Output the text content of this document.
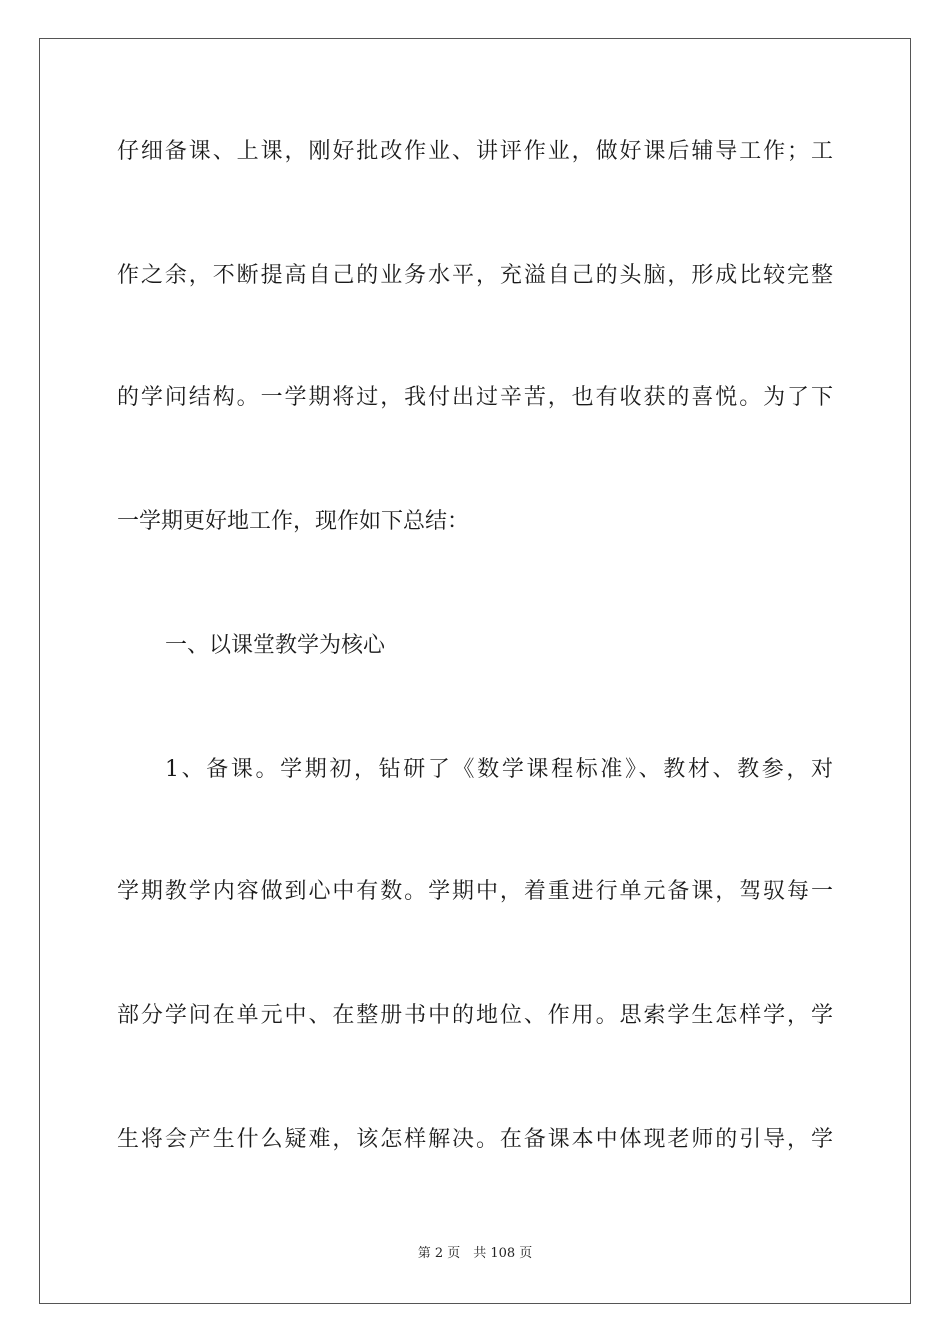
仔细备课、上课，刚好批改作业、讲评作业，做好课后辅导工作；工
作之余，不断提高自己的业务水平，充溢自己的头脑，形成比较完整
的学问结构。一学期将过，我付出过辛苦，也有收获的喜悦。为了下
一学期更好地工作，现作如下总结：
一、以课堂教学为核心
1、备课。学期初，钻研了《数学课程标准》、教材、教参，对
学期教学内容做到心中有数。学期中，着重进行单元备课，驾驭每一
部分学问在单元中、在整册书中的地位、作用。思索学生怎样学，学
生将会产生什么疑难，该怎样解决。在备课本中体现老师的引导，学
第 2 页　共 108 页
